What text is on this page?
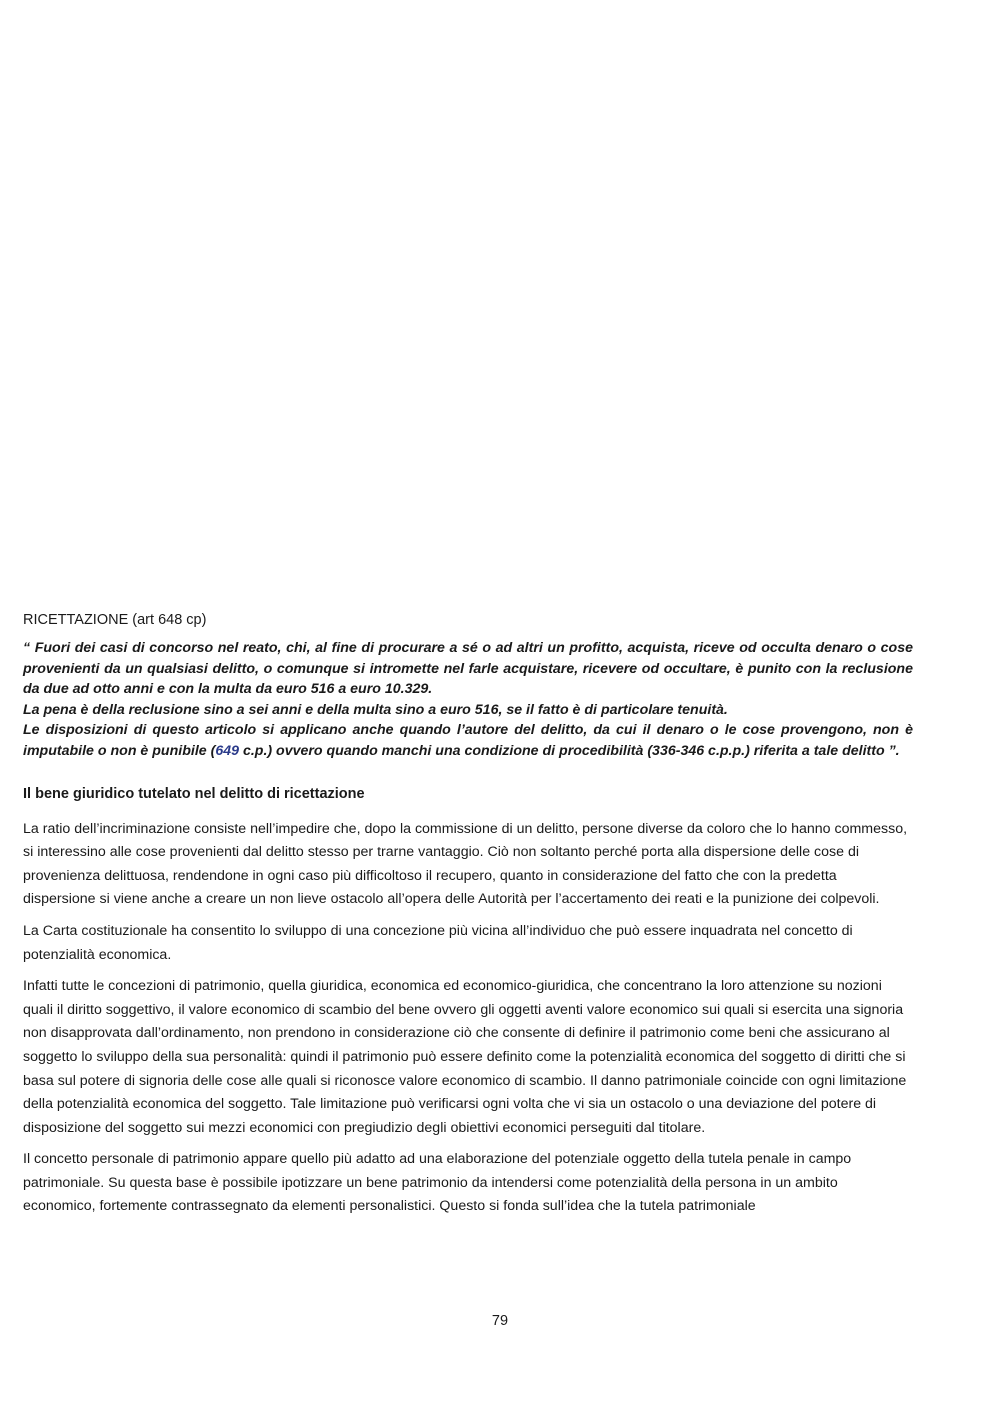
RICETTAZIONE (art 648 cp)

“ Fuori dei casi di concorso nel reato, chi, al fine di procurare a sé o ad altri un profitto, acquista, riceve od occulta denaro o cose provenienti da un qualsiasi delitto, o comunque si intromette nel farle acquistare, ricevere od occultare, è punito con la reclusione da due ad otto anni e con la multa da euro 516 a euro 10.329.
La pena è della reclusione sino a sei anni e della multa sino a euro 516, se il fatto è di particolare tenuità.
Le disposizioni di questo articolo si applicano anche quando l’autore del delitto, da cui il denaro o le cose provengono, non è imputabile o non è punibile (649 c.p.) ovvero quando manchi una condizione di procedibilità (336-346 c.p.p.) riferita a tale delitto ”.

Il bene giuridico tutelato nel delitto di ricettazione

La ratio dell’incriminazione consiste nell’impedire che, dopo la commissione di un delitto, persone diverse da coloro che lo hanno commesso, si interessino alle cose provenienti dal delitto stesso per trarne vantaggio. Ciò non soltanto perché porta alla dispersione delle cose di provenienza delittuosa, rendendone in ogni caso più difficoltoso il recupero, quanto in considerazione del fatto che con la predetta dispersione si viene anche a creare un non lieve ostacolo all’opera delle Autorità per l’accertamento dei reati e la punizione dei colpevoli.

La Carta costituzionale ha consentito lo sviluppo di una concezione più vicina all’individuo che può essere inquadrata nel concetto di potenzialità economica.

Infatti tutte le concezioni di patrimonio, quella giuridica, economica ed economico-giuridica, che concentrano la loro attenzione su nozioni quali il diritto soggettivo, il valore economico di scambio del bene ovvero gli oggetti aventi valore economico sui quali si esercita una signoria non disapprovata dall’ordinamento, non prendono in considerazione ciò che consente di definire il patrimonio come beni che assicurano al soggetto lo sviluppo della sua personalità: quindi il patrimonio può essere definito come la potenzialità economica del soggetto di diritti che si basa sul potere di signoria delle cose alle quali si riconosce valore economico di scambio. Il danno patrimoniale coincide con ogni limitazione della potenzialità economica del soggetto. Tale limitazione può verificarsi ogni volta che vi sia un ostacolo o una deviazione del potere di disposizione del soggetto sui mezzi economici con pregiudizio degli obiettivi economici perseguiti dal titolare.

Il concetto personale di patrimonio appare quello più adatto ad una elaborazione del potenziale oggetto della tutela penale in campo patrimoniale. Su questa base è possibile ipotizzare un bene patrimonio da intendersi come potenzialità della persona in un ambito economico, fortemente contrassegnato da elementi personalistici. Questo si fonda sull’idea che la tutela patrimoniale

79
